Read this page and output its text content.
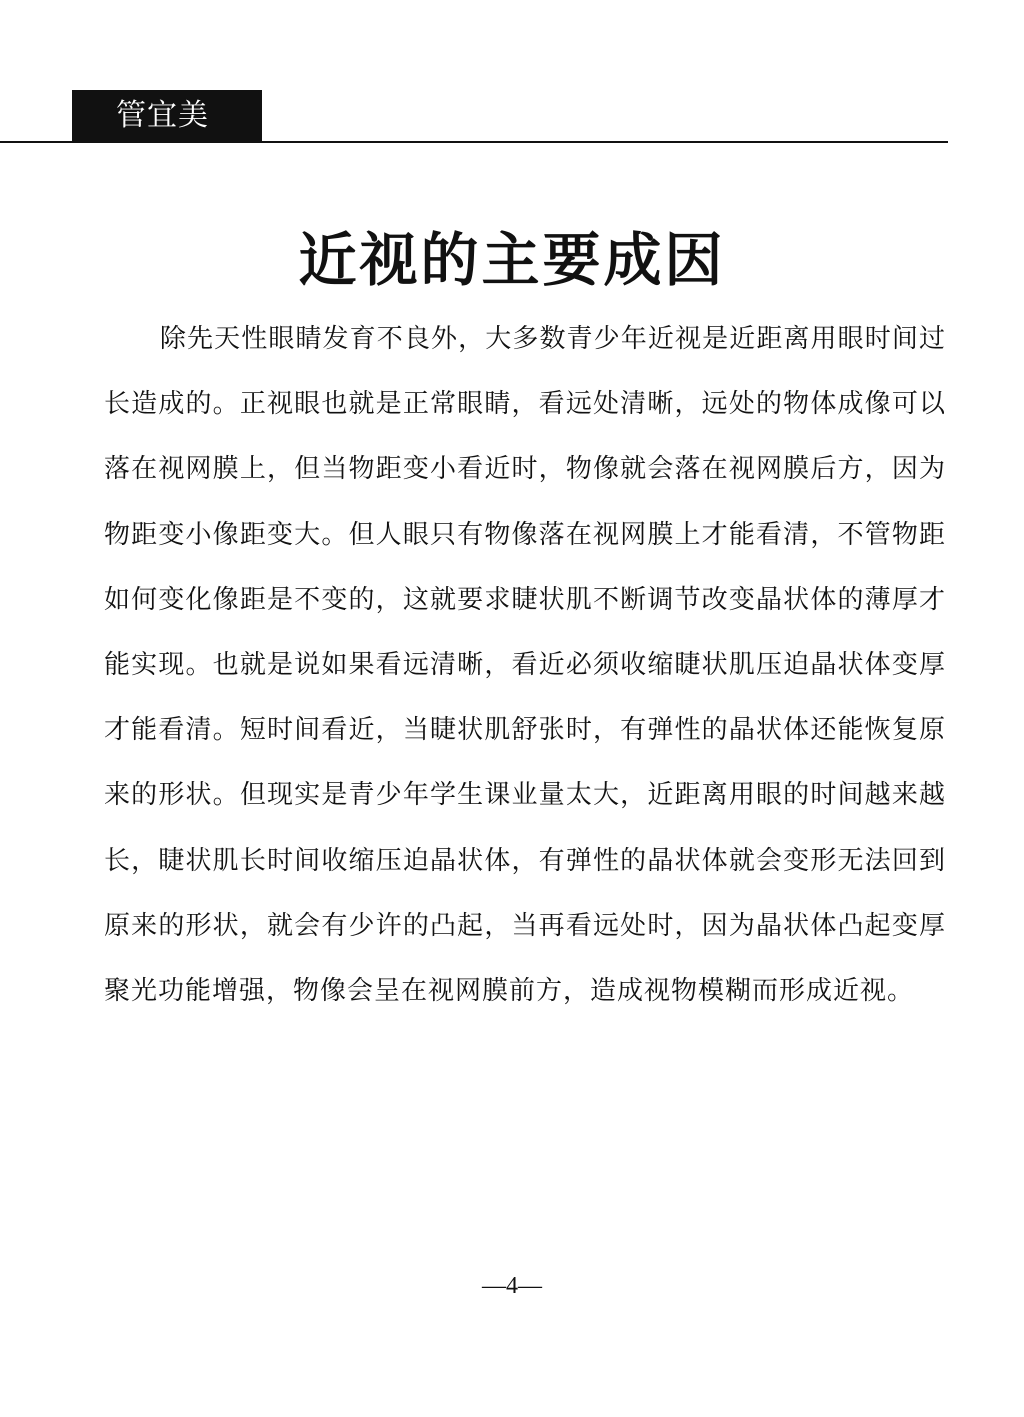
管宜美
近视的主要成因

除先天性眼睛发育不良外，大多数青少年近视是近距离用眼时间过长造成的。正视眼也就是正常眼睛，看远处清晰，远处的物体成像可以落在视网膜上，但当物距变小看近时，物像就会落在视网膜后方，因为物距变小像距变大。但人眼只有物像落在视网膜上才能看清，不管物距如何变化像距是不变的，这就要求睫状肌不断调节改变晶状体的薄厚才能实现。也就是说如果看远清晰，看近必须收缩睫状肌压迫晶状体变厚才能看清。短时间看近，当睫状肌舒张时，有弹性的晶状体还能恢复原来的形状。但现实是青少年学生课业量太大，近距离用眼的时间越来越长，睫状肌长时间收缩压迫晶状体，有弹性的晶状体就会变形无法回到原来的形状，就会有少许的凸起，当再看远处时，因为晶状体凸起变厚聚光功能增强，物像会呈在视网膜前方，造成视物模糊而形成近视。

—4—
